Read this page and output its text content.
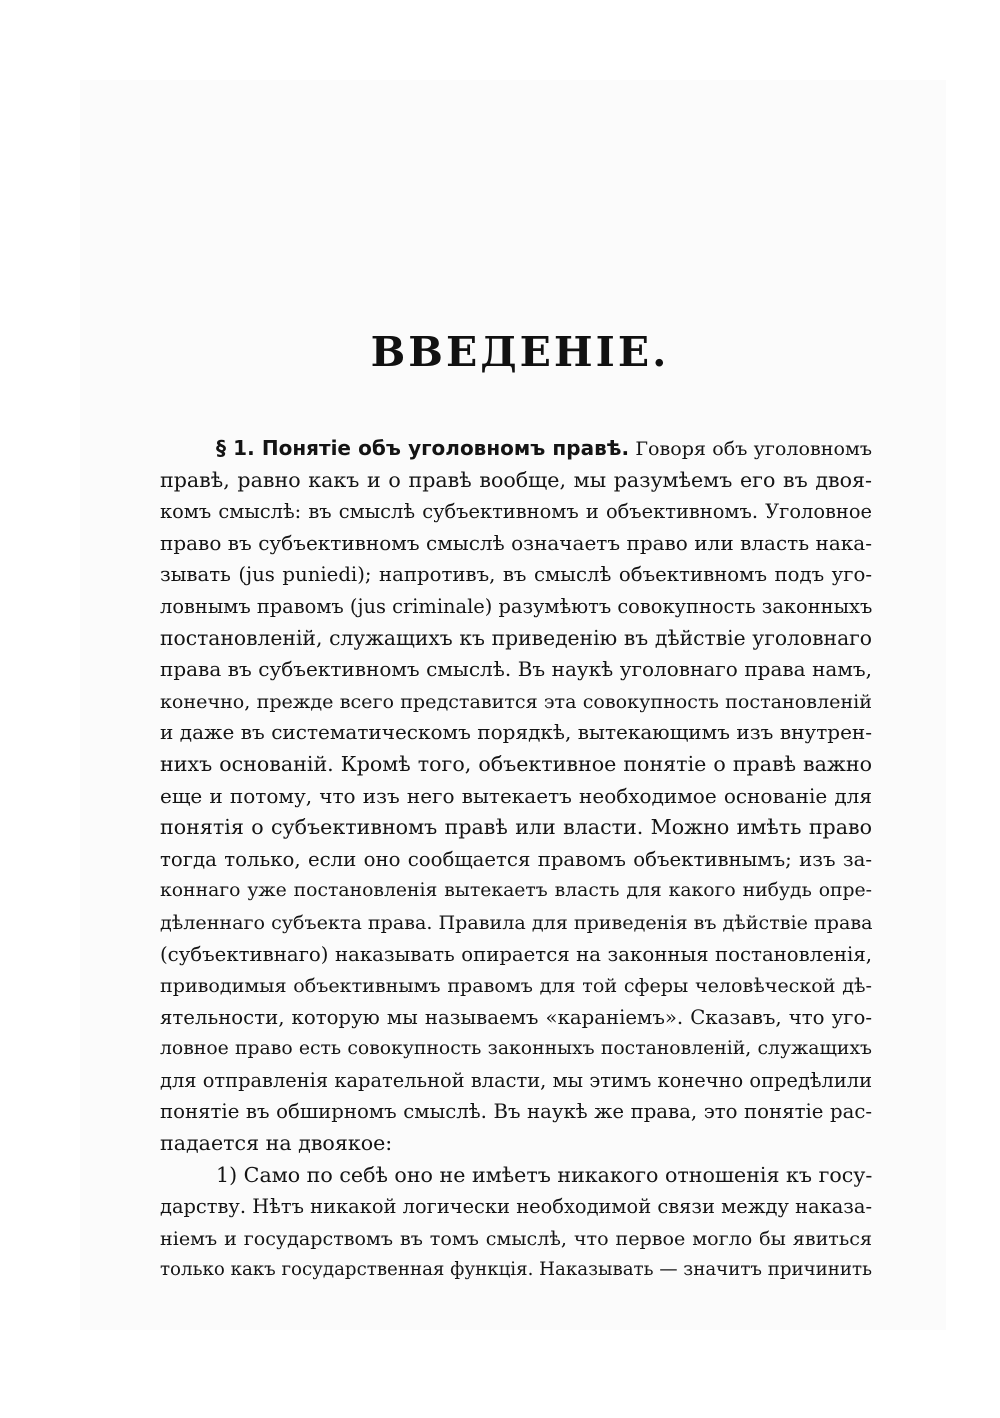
ВВЕДЕНІЕ.
§ 1. Понятіе объ уголовномъ правѣ. Говоря объ уголовномъ
правѣ, равно какъ и о правѣ вообще, мы разумѣемъ его въ двоя-
комъ смыслѣ: въ смыслѣ субъективномъ и объективномъ. Уголовное
право въ субъективномъ смыслѣ означаетъ право или власть нака-
зывать (jus puniedi); напротивъ, въ смыслѣ объективномъ подъ уго-
ловнымъ правомъ (jus criminale) разумѣютъ совокупность законныхъ
постановленій, служащихъ къ приведенію въ дѣйствіе уголовнаго
права въ субъективномъ смыслѣ. Въ наукѣ уголовнаго права намъ,
конечно, прежде всего представится эта совокупность постановленій
и даже въ систематическомъ порядкѣ, вытекающимъ изъ внутрен-
нихъ основаній. Кромѣ того, объективное понятіе о правѣ важно
еще и потому, что изъ него вытекаетъ необходимое основаніе для
понятія о субъективномъ правѣ или власти. Можно имѣть право
тогда только, если оно сообщается правомъ объективнымъ; изъ за-
коннаго уже постановленія вытекаетъ власть для какого нибудь опре-
дѣленнаго субъекта права. Правила для приведенія въ дѣйствіе права
(субъективнаго) наказывать опирается на законныя постановленія,
приводимыя объективнымъ правомъ для той сферы человѣческой дѣ-
ятельности, которую мы называемъ «караніемъ». Сказавъ, что уго-
ловное право есть совокупность законныхъ постановленій, служащихъ
для отправленія карательной власти, мы этимъ конечно опредѣлили
понятіе въ обширномъ смыслѣ. Въ наукѣ же права, это понятіе рас-
падается на двоякое:
1) Само по себѣ оно не имѣетъ никакого отношенія къ госу-
дарству. Нѣтъ никакой логически необходимой связи между наказа-
ніемъ и государствомъ въ томъ смыслѣ, что первое могло бы явиться
только какъ государственная функція. Наказывать — значитъ причинить
